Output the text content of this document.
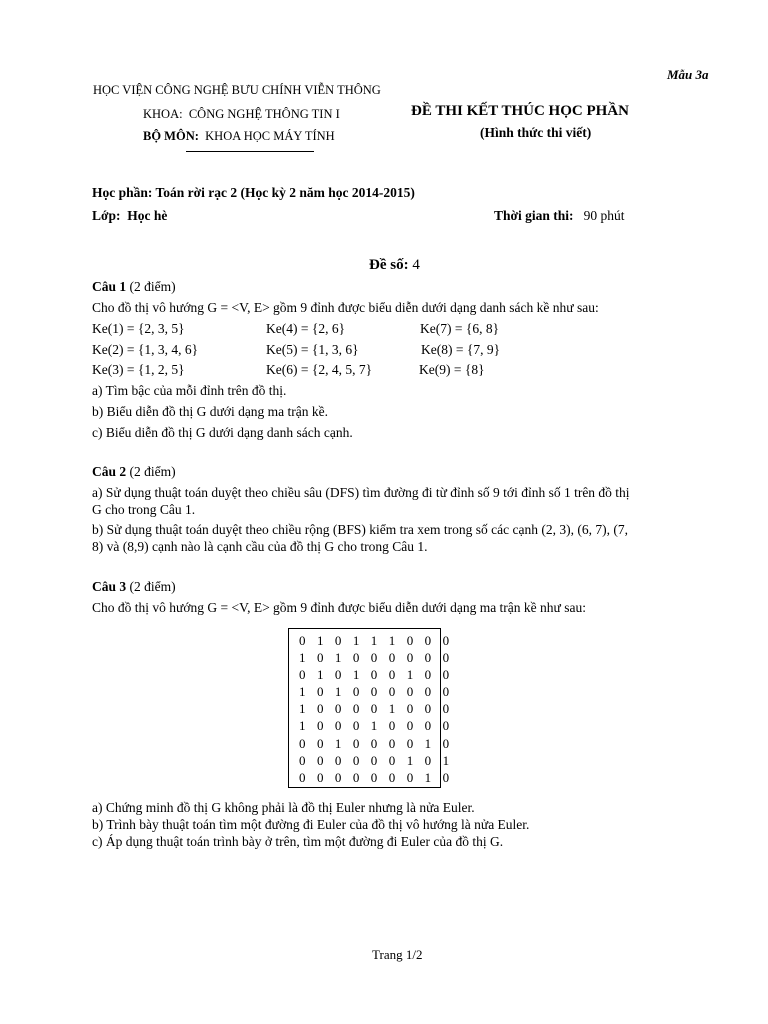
Mẫu 3a
HỌC VIỆN CÔNG NGHỆ BƯU CHÍNH VIỄN THÔNG
KHOA: CÔNG NGHỆ THÔNG TIN I
BỘ MÔN: KHOA HỌC MÁY TÍNH
ĐỀ THI KẾT THÚC HỌC PHẦN
(Hình thức thi viết)
Học phần: Toán rời rạc 2 (Học kỳ 2 năm học 2014-2015)
Lớp: Học hè	Thời gian thi: 90 phút
Đề số: 4
Câu 1 (2 điểm)
Cho đồ thị vô hướng G = <V, E> gồm 9 đỉnh được biểu diễn dưới dạng danh sách kề như sau:
Ke(1) = {2, 3, 5}	Ke(4) = {2, 6}	Ke(7) = {6, 8}
Ke(2) = {1, 3, 4, 6}	Ke(5) = {1, 3, 6}	Ke(8) = {7, 9}
Ke(3) = {1, 2, 5}	Ke(6) = {2, 4, 5, 7}	Ke(9) = {8}
a) Tìm bậc của mỗi đỉnh trên đồ thị.
b) Biểu diễn đồ thị G dưới dạng ma trận kề.
c) Biểu diễn đồ thị G dưới dạng danh sách cạnh.
Câu 2 (2 điểm)
a) Sử dụng thuật toán duyệt theo chiều sâu (DFS) tìm đường đi từ đỉnh số 9 tới đỉnh số 1 trên đồ thị
G cho trong Câu 1.
b) Sử dụng thuật toán duyệt theo chiều rộng (BFS) kiểm tra xem trong số các cạnh (2, 3), (6, 7), (7,
8) và (8,9) cạnh nào là cạnh cầu của đồ thị G cho trong Câu 1.
Câu 3 (2 điểm)
Cho đồ thị vô hướng G = <V, E> gồm 9 đỉnh được biểu diễn dưới dạng ma trận kề như sau:
0 1 0 1 1 1 0 0 0
1 0 1 0 0 0 0 0 0
0 1 0 1 0 0 1 0 0
1 0 1 0 0 0 0 0 0
1 0 0 0 0 1 0 0 0
1 0 0 0 1 0 0 0 0
0 0 1 0 0 0 0 1 0
0 0 0 0 0 0 1 0 1
0 0 0 0 0 0 0 1 0
a) Chứng minh đồ thị G không phải là đồ thị Euler nhưng là nửa Euler.
b) Trình bày thuật toán tìm một đường đi Euler của đồ thị vô hướng là nửa Euler.
c) Áp dụng thuật toán trình bày ở trên, tìm một đường đi Euler của đồ thị G.
Trang 1/2
